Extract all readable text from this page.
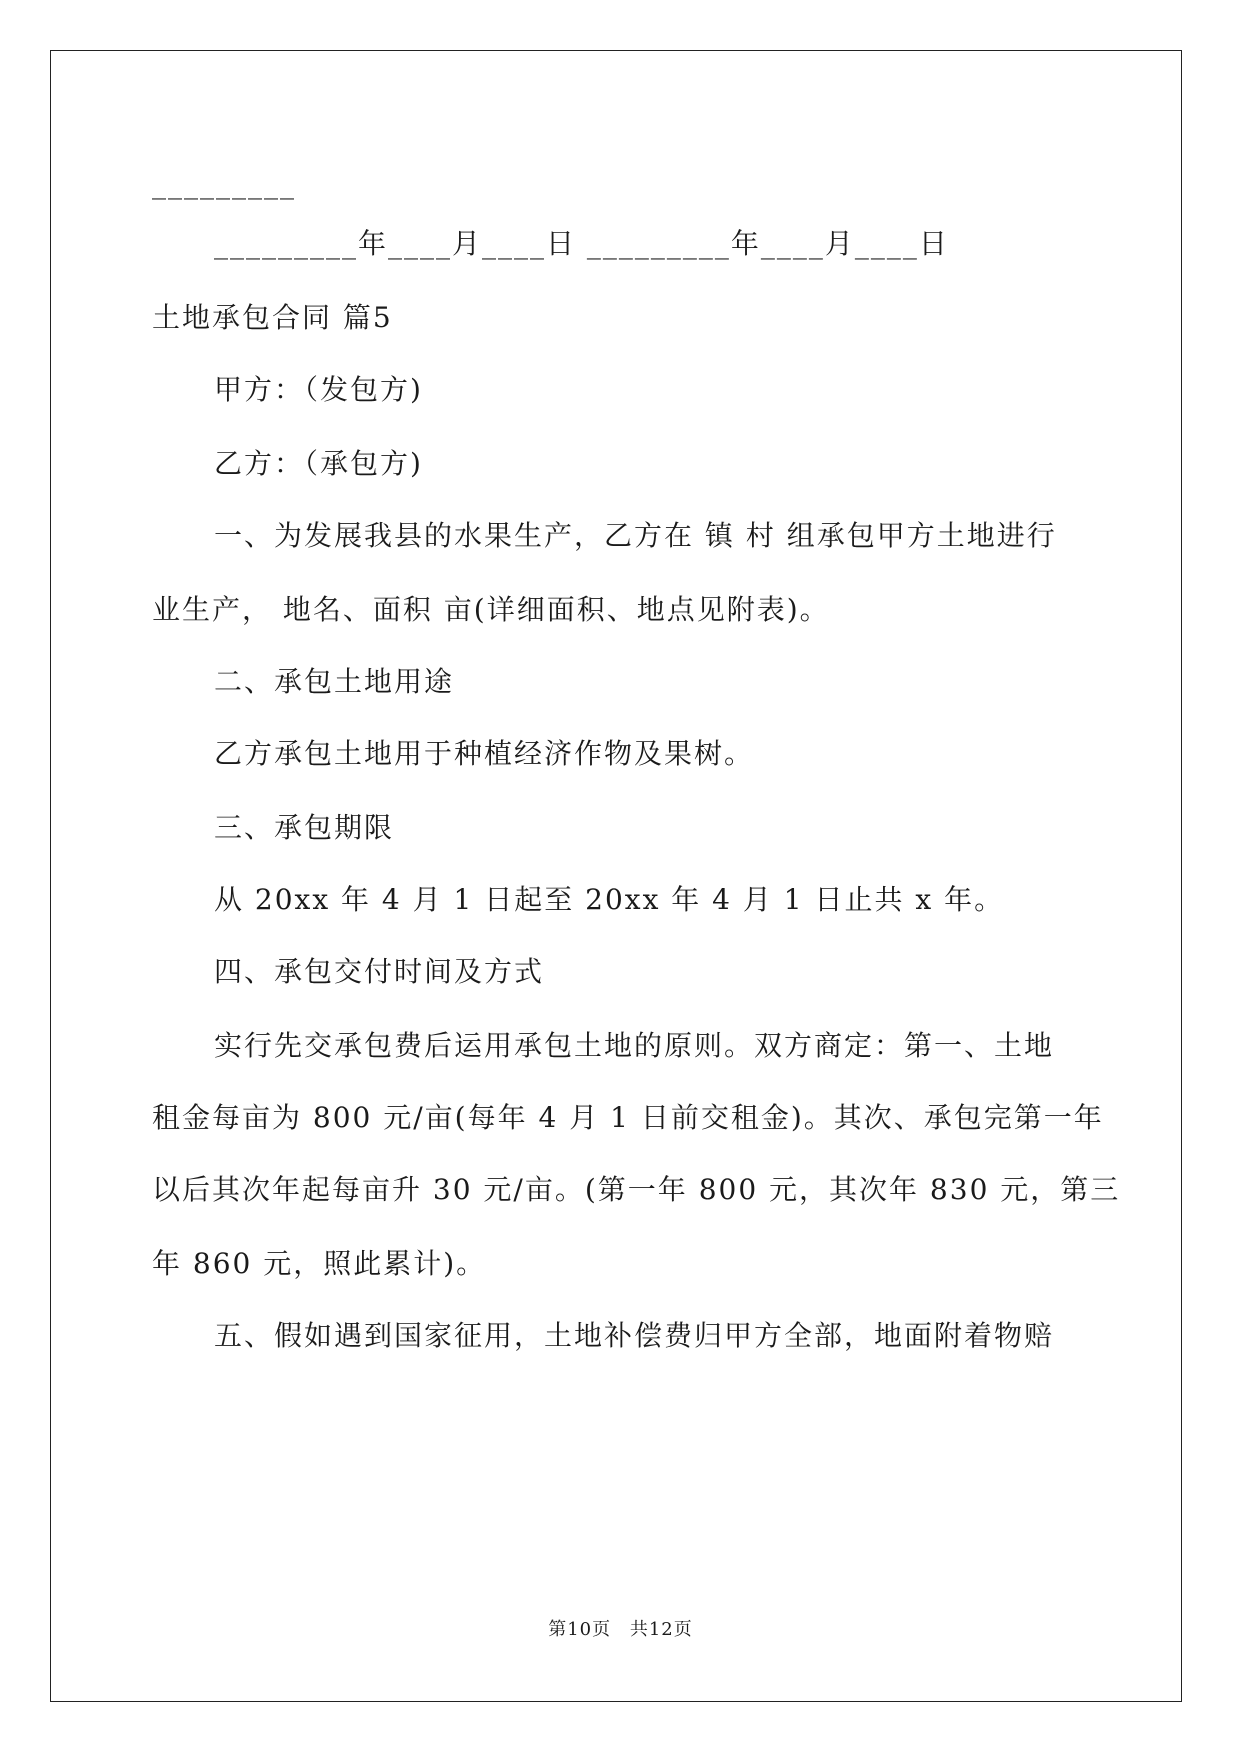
_________
_________年____月____日 _________年____月____日
土地承包合同 篇5
甲方：（发包方)
乙方：（承包方)
一、为发展我县的水果生产，乙方在 镇 村 组承包甲方土地进行
业生产， 地名、面积 亩(详细面积、地点见附表)。
二、承包土地用途
乙方承包土地用于种植经济作物及果树。
三、承包期限
从 20xx 年 4 月 1 日起至 20xx 年 4 月 1 日止共 x 年。
四、承包交付时间及方式
实行先交承包费后运用承包土地的原则。双方商定：第一、土地
租金每亩为 800 元/亩(每年 4 月 1 日前交租金)。其次、承包完第一年
以后其次年起每亩升 30 元/亩。(第一年 800 元，其次年 830 元，第三
年 860 元，照此累计)。
五、假如遇到国家征用，土地补偿费归甲方全部，地面附着物赔
第10页 共12页
